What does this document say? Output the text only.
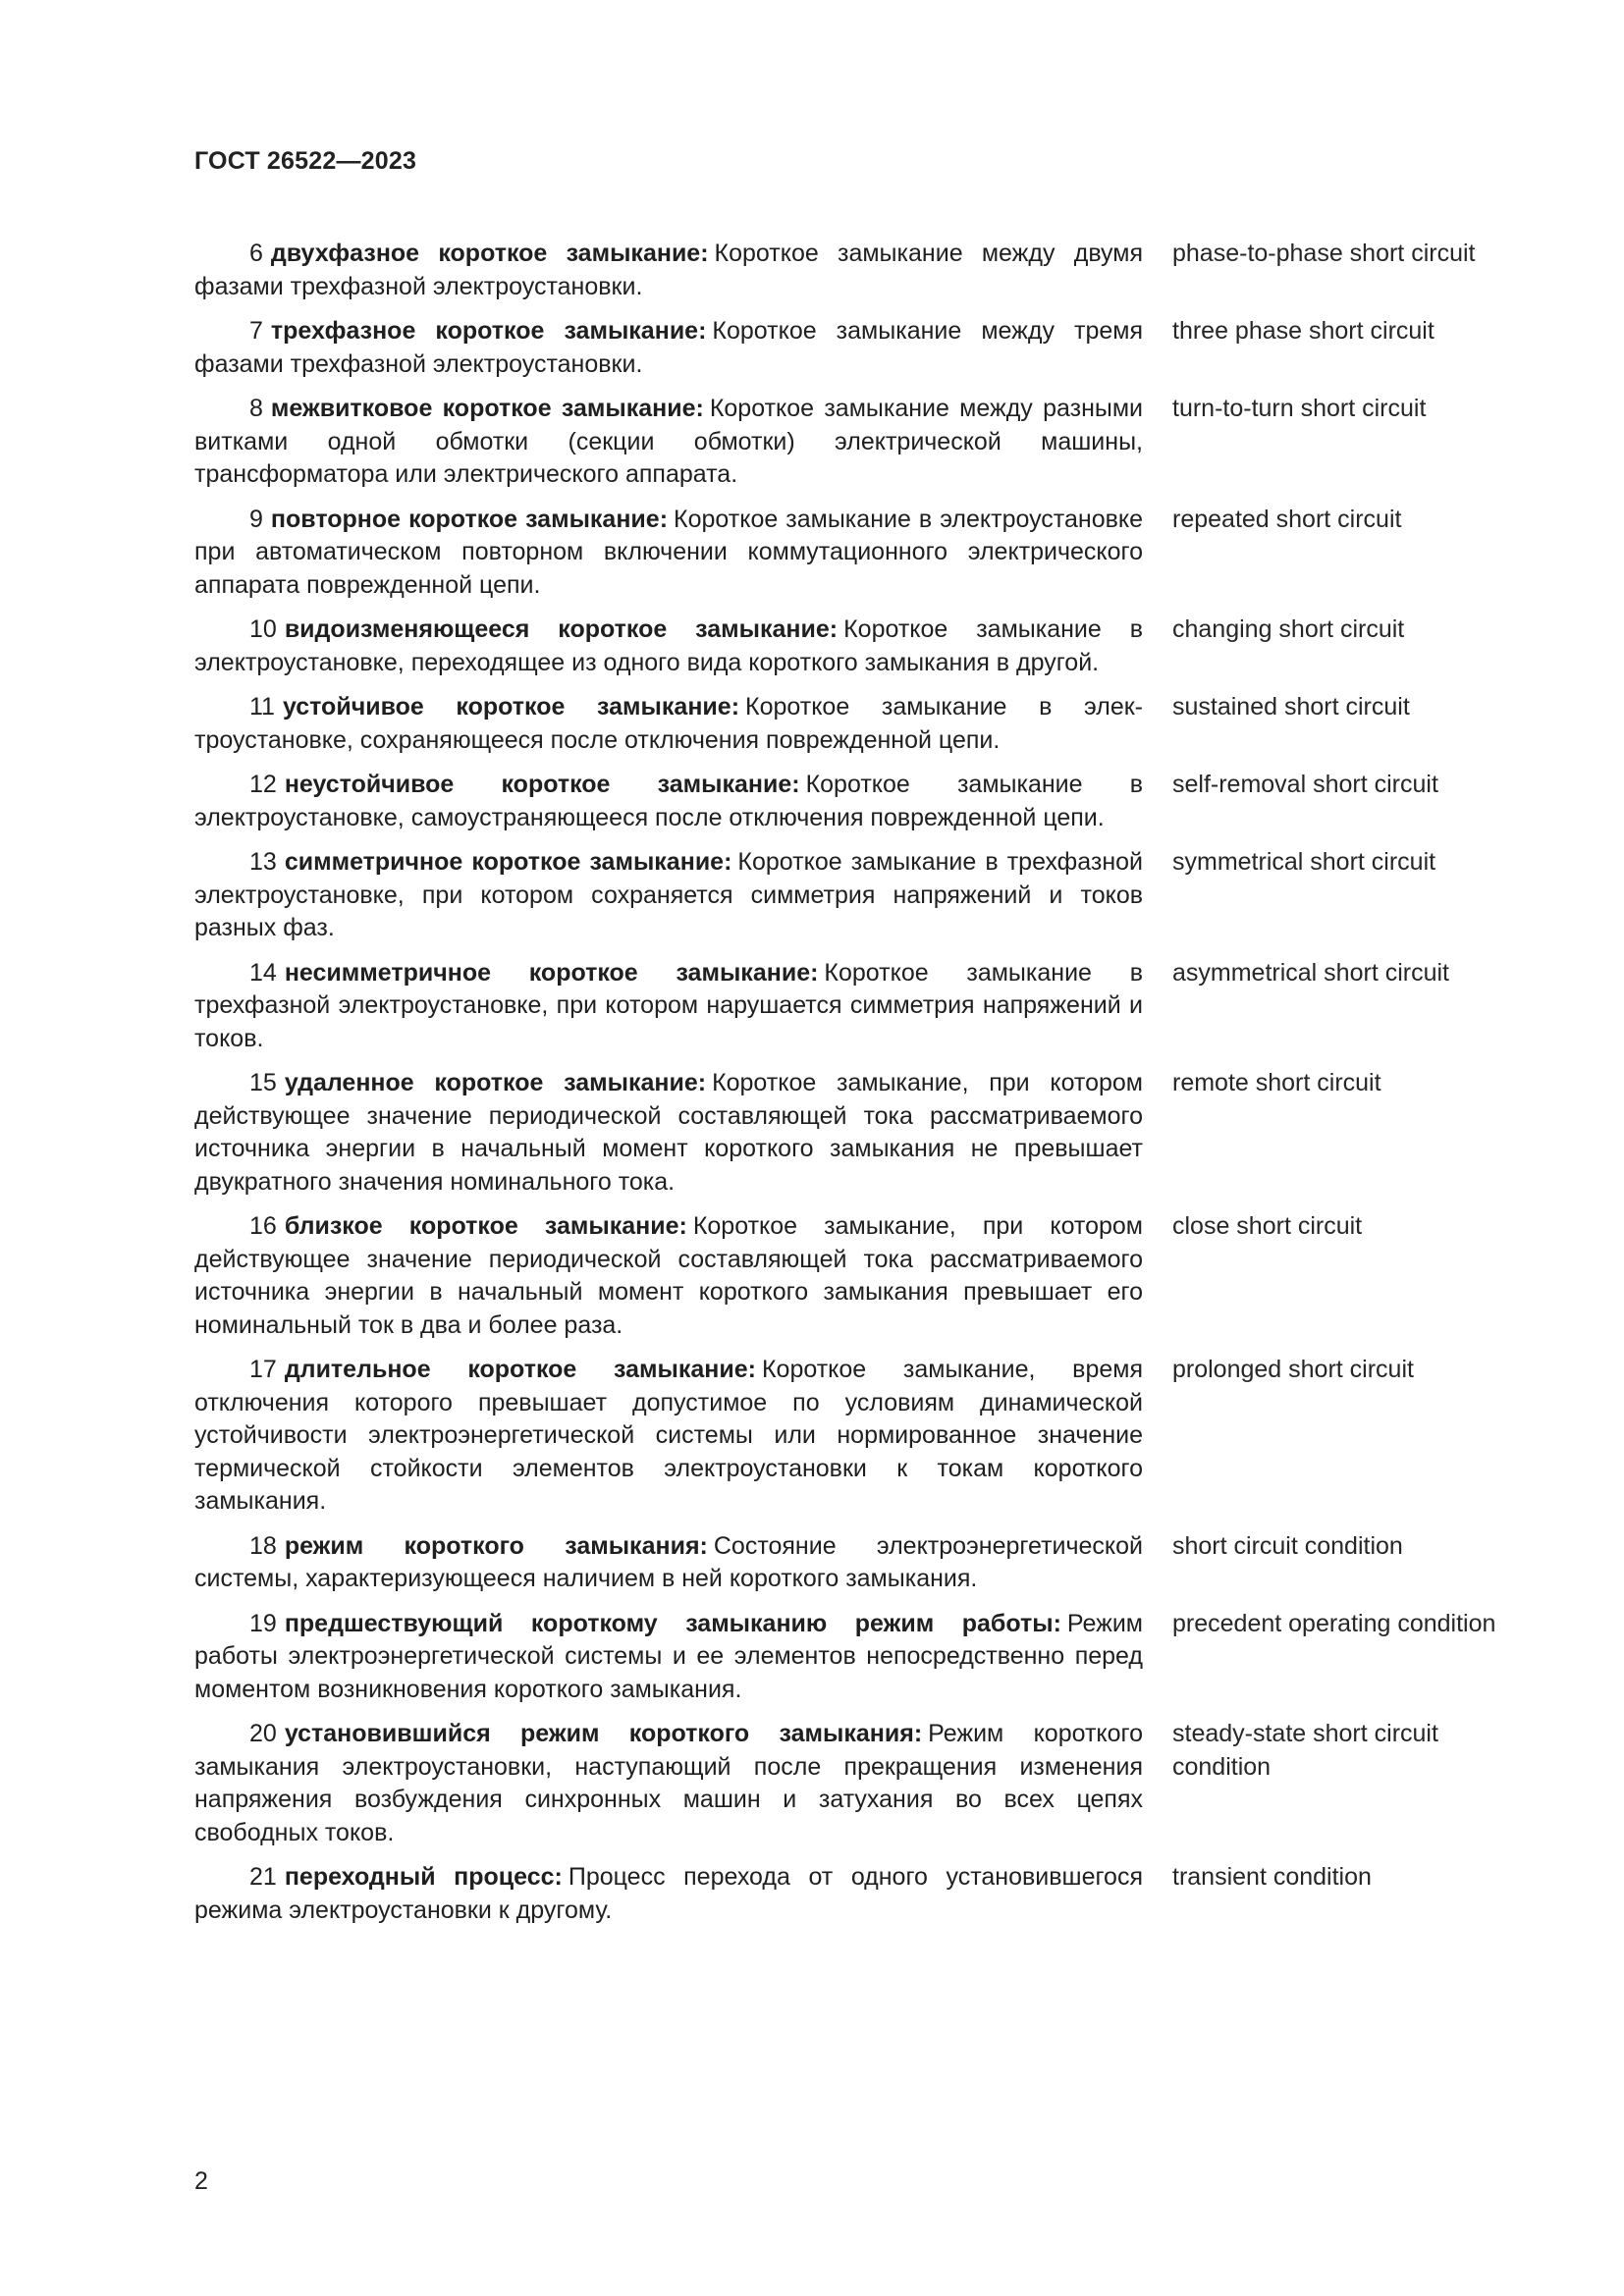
ГОСТ 26522—2023

6 двухфазное короткое замыкание: Короткое замыкание между двумя фазами трехфазной электроустановки.

phase-to-phase short circuit

7 трехфазное короткое замыкание: Короткое замыкание между тремя фазами трехфазной электроустановки.

three phase short circuit

8 межвитковое короткое замыкание: Короткое замыкание между разными витками одной обмотки (секции обмотки) электрической машины, трансформатора или электрического аппарата.

turn-to-turn short circuit

9 повторное короткое замыкание: Короткое замыкание в электроустановке при автоматическом повторном включении коммутационного электрического аппарата поврежденной цепи.

repeated short circuit

10 видоизменяющееся короткое замыкание: Короткое замыкание в электроустановке, переходящее из одного вида короткого замыкания в другой.

changing short circuit

11 устойчивое короткое замыкание: Короткое замыкание в электроустановке, сохраняющееся после отключения поврежденной цепи.

sustained short circuit

12 неустойчивое короткое замыкание: Короткое замыкание в электроустановке, самоустраняющееся после отключения поврежденной цепи.

self-removal short circuit

13 симметричное короткое замыкание: Короткое замыкание в трехфазной электроустановке, при котором сохраняется симметрия напряжений и токов разных фаз.

symmetrical short circuit

14 несимметричное короткое замыкание: Короткое замыкание в трехфазной электроустановке, при котором нарушается симметрия напряжений и токов.

asymmetrical short circuit

15 удаленное короткое замыкание: Короткое замыкание, при котором действующее значение периодической составляющей тока рассматриваемого источника энергии в начальный момент короткого замыкания не превышает двукратного значения номинального тока.

remote short circuit

16 близкое короткое замыкание: Короткое замыкание, при котором действующее значение периодической составляющей тока рассматриваемого источника энергии в начальный момент короткого замыкания превышает его номинальный ток в два и более раза.

close short circuit

17 длительное короткое замыкание: Короткое замыкание, время отключения которого превышает допустимое по условиям динамической устойчивости электроэнергетической системы или нормированное значение термической стойкости элементов электроустановки к токам короткого замыкания.

prolonged short circuit

18 режим короткого замыкания: Состояние электроэнергетической системы, характеризующееся наличием в ней короткого замыкания.

short circuit condition

19 предшествующий короткому замыканию режим работы: Режим работы электроэнергетической системы и ее элементов непосредственно перед моментом возникновения короткого замыкания.

precedent operating condition

20 установившийся режим короткого замыкания: Режим короткого замыкания электроустановки, наступающий после прекращения изменения напряжения возбуждения синхронных машин и затухания во всех цепях свободных токов.

steady-state short circuit condition

21 переходный процесс: Процесс перехода от одного установившегося режима электроустановки к другому.

transient condition
2
